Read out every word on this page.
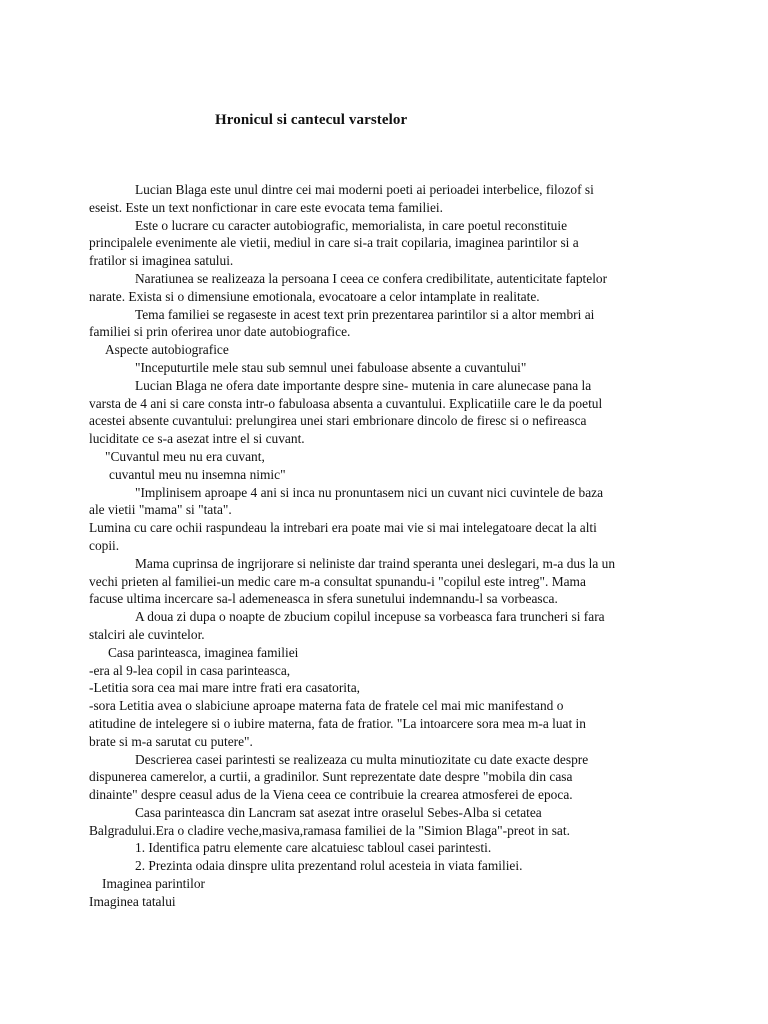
Hronicul si cantecul varstelor
Lucian Blaga este unul dintre cei mai moderni poeti ai perioadei interbelice, filozof si
eseist. Este un text nonfictionar in care este evocata tema familiei.
Este o lucrare cu caracter autobiografic, memorialista, in care poetul reconstituie
principalele evenimente ale vietii, mediul in care si-a trait copilaria, imaginea parintilor si a
fratilor si imaginea satului.
Naratiunea se realizeaza la persoana I ceea ce confera credibilitate, autenticitate faptelor
narate. Exista si o dimensiune emotionala, evocatoare a celor intamplate in realitate.
Tema familiei se regaseste in acest text prin prezentarea parintilor si a altor membri ai
familiei si prin oferirea unor date autobiografice.
Aspecte autobiografice
"Inceputurtile mele stau sub semnul unei fabuloase absente a cuvantului"
Lucian Blaga ne ofera date importante despre sine- mutenia in care alunecase pana la
varsta de 4 ani si care consta intr-o fabuloasa absenta a cuvantului. Explicatiile care le da poetul
acestei absente cuvantului: prelungirea unei stari embrionare dincolo de firesc si o nefireasca
luciditate ce s-a asezat intre el si cuvant.
"Cuvantul meu nu era cuvant,
cuvantul meu nu insemna nimic"
"Implinisem aproape 4 ani si inca nu pronuntasem nici un cuvant nici cuvintele de baza
ale vietii "mama" si "tata".
Lumina cu care ochii raspundeau la intrebari era poate mai vie si mai intelegatoare decat la alti
copii.
Mama cuprinsa de ingrijorare si neliniste dar traind speranta unei deslegari, m-a dus la un
vechi prieten al familiei-un medic care m-a consultat spunandu-i "copilul este intreg". Mama
facuse ultima incercare sa-l ademeneasca in sfera sunetului indemnandu-l sa vorbeasca.
A doua zi dupa o noapte de zbucium copilul incepuse sa vorbeasca fara truncheri si fara
stalciri ale cuvintelor.
Casa parinteasca, imaginea familiei
-era al 9-lea copil in casa parinteasca,
-Letitia sora cea mai mare intre frati era casatorita,
-sora Letitia avea o slabiciune aproape materna fata de fratele cel mai mic manifestand o
atitudine de intelegere si o iubire materna, fata de fratior. "La intoarcere sora mea m-a luat in
brate si m-a sarutat cu putere".
Descrierea casei parintesti se realizeaza cu multa minutiozitate cu date exacte despre
dispunerea camerelor, a curtii, a gradinilor. Sunt reprezentate date despre "mobila din casa
dinainte" despre ceasul adus de la Viena ceea ce contribuie la crearea atmosferei de epoca.
Casa parinteasca din Lancram sat asezat intre oraselul Sebes-Alba si cetatea
Balgradului.Era o cladire veche,masiva,ramasa familiei de la "Simion Blaga"-preot in sat.
1. Identifica patru elemente care alcatuiesc tabloul casei parintesti.
2. Prezinta odaia dinspre ulita prezentand rolul acesteia in viata familiei.
Imaginea parintilor
Imaginea tatalui
